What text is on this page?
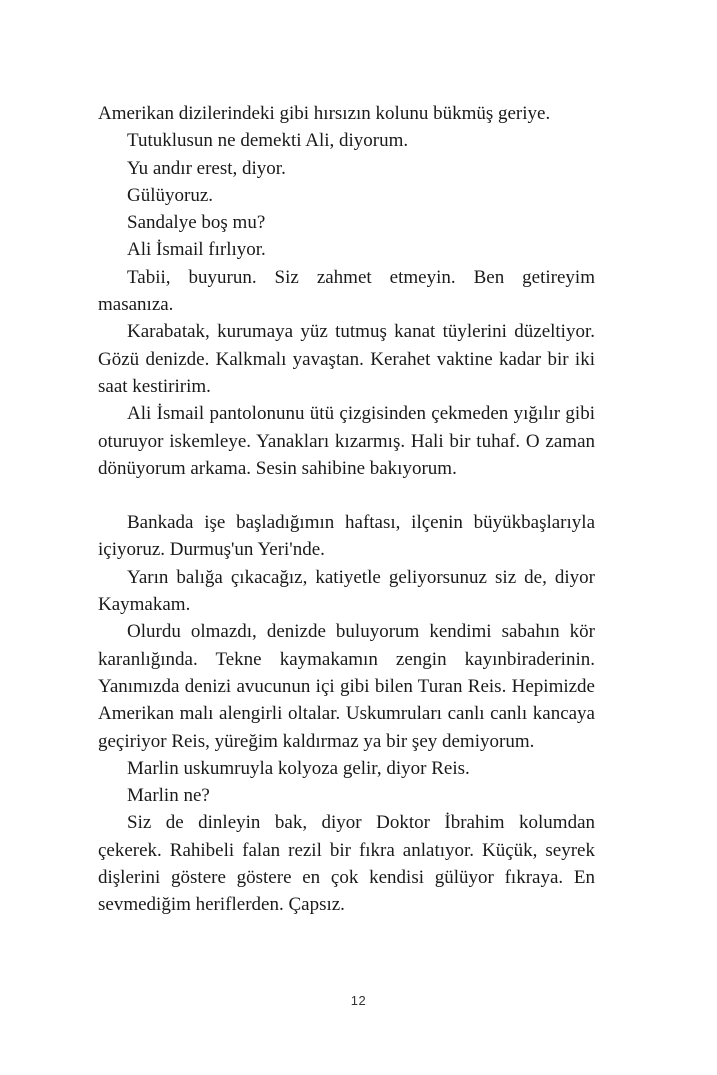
Amerikan dizilerindeki gibi hırsızın kolunu bükmüş geriye.

Tutuklusun ne demekti Ali, diyorum.

Yu andır erest, diyor.

Gülüyoruz.

Sandalye boş mu?

Ali İsmail fırlıyor.

Tabii, buyurun. Siz zahmet etmeyin. Ben getireyim masanıza.

Karabatak, kurumaya yüz tutmuş kanat tüylerini düzeltiyor. Gözü denizde. Kalkmalı yavaştan. Kerahet vaktine kadar bir iki saat kestiririm.

Ali İsmail pantolonunu ütü çizgisinden çekmeden yığılır gibi oturuyor iskemleye. Yanakları kızarmış. Hali bir tuhaf. O zaman dönüyorum arkama. Sesin sahibine bakıyorum.

Bankada işe başladığımın haftası, ilçenin büyükbaşlarıyla içiyoruz. Durmuş'un Yeri'nde.

Yarın balığa çıkacağız, katiyetle geliyorsunuz siz de, diyor Kaymakam.

Olurdu olmazdı, denizde buluyorum kendimi sabahın kör karanlığında. Tekne kaymakamın zengin kayınbiraderinin. Yanımızda denizi avucunun içi gibi bilen Turan Reis. Hepimizde Amerikan malı alengirli oltalar. Uskumruları canlı canlı kancaya geçiriyor Reis, yüreğim kaldırmaz ya bir şey demiyorum.

Marlin uskumruyla kolyoza gelir, diyor Reis.

Marlin ne?

Siz de dinleyin bak, diyor Doktor İbrahim kolumdan çekerek. Rahibeli falan rezil bir fıkra anlatıyor. Küçük, seyrek dişlerini göstere göstere en çok kendisi gülüyor fıkraya. En sevmediğim heriflerden. Çapsız.

12
